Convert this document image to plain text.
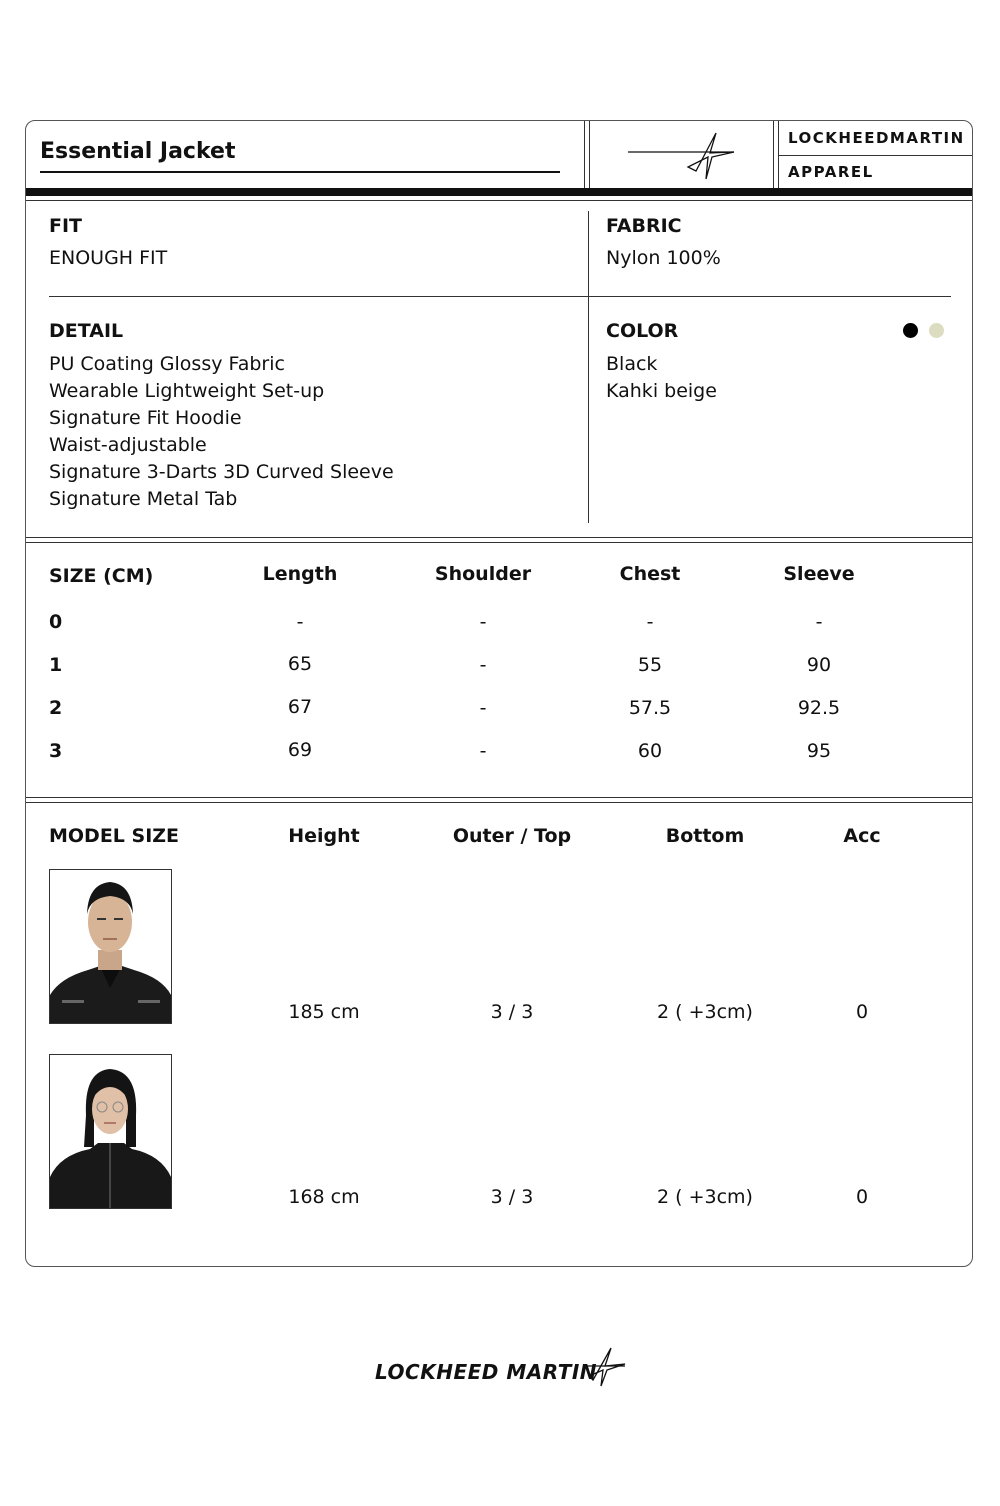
Essential Jacket
LOCKHEEDMARTIN
APPAREL
FIT
ENOUGH FIT
FABRIC
Nylon 100%
DETAIL
PU Coating Glossy Fabric
Wearable Lightweight Set-up
Signature Fit Hoodie
Waist-adjustable
Signature 3-Darts 3D Curved Sleeve
Signature Metal Tab
COLOR
Black
Kahki beige
SIZE (CM)	Length	Shoulder	Chest	Sleeve
0	-	-	-	-
1	65	-	55	90
2	67	-	57.5	92.5
3	69	-	60	95
MODEL SIZE	Height	Outer / Top	Bottom	Acc
185 cm	3 / 3	2 ( +3cm)	0
168 cm	3 / 3	2 ( +3cm)	0
LOCKHEED MARTIN
